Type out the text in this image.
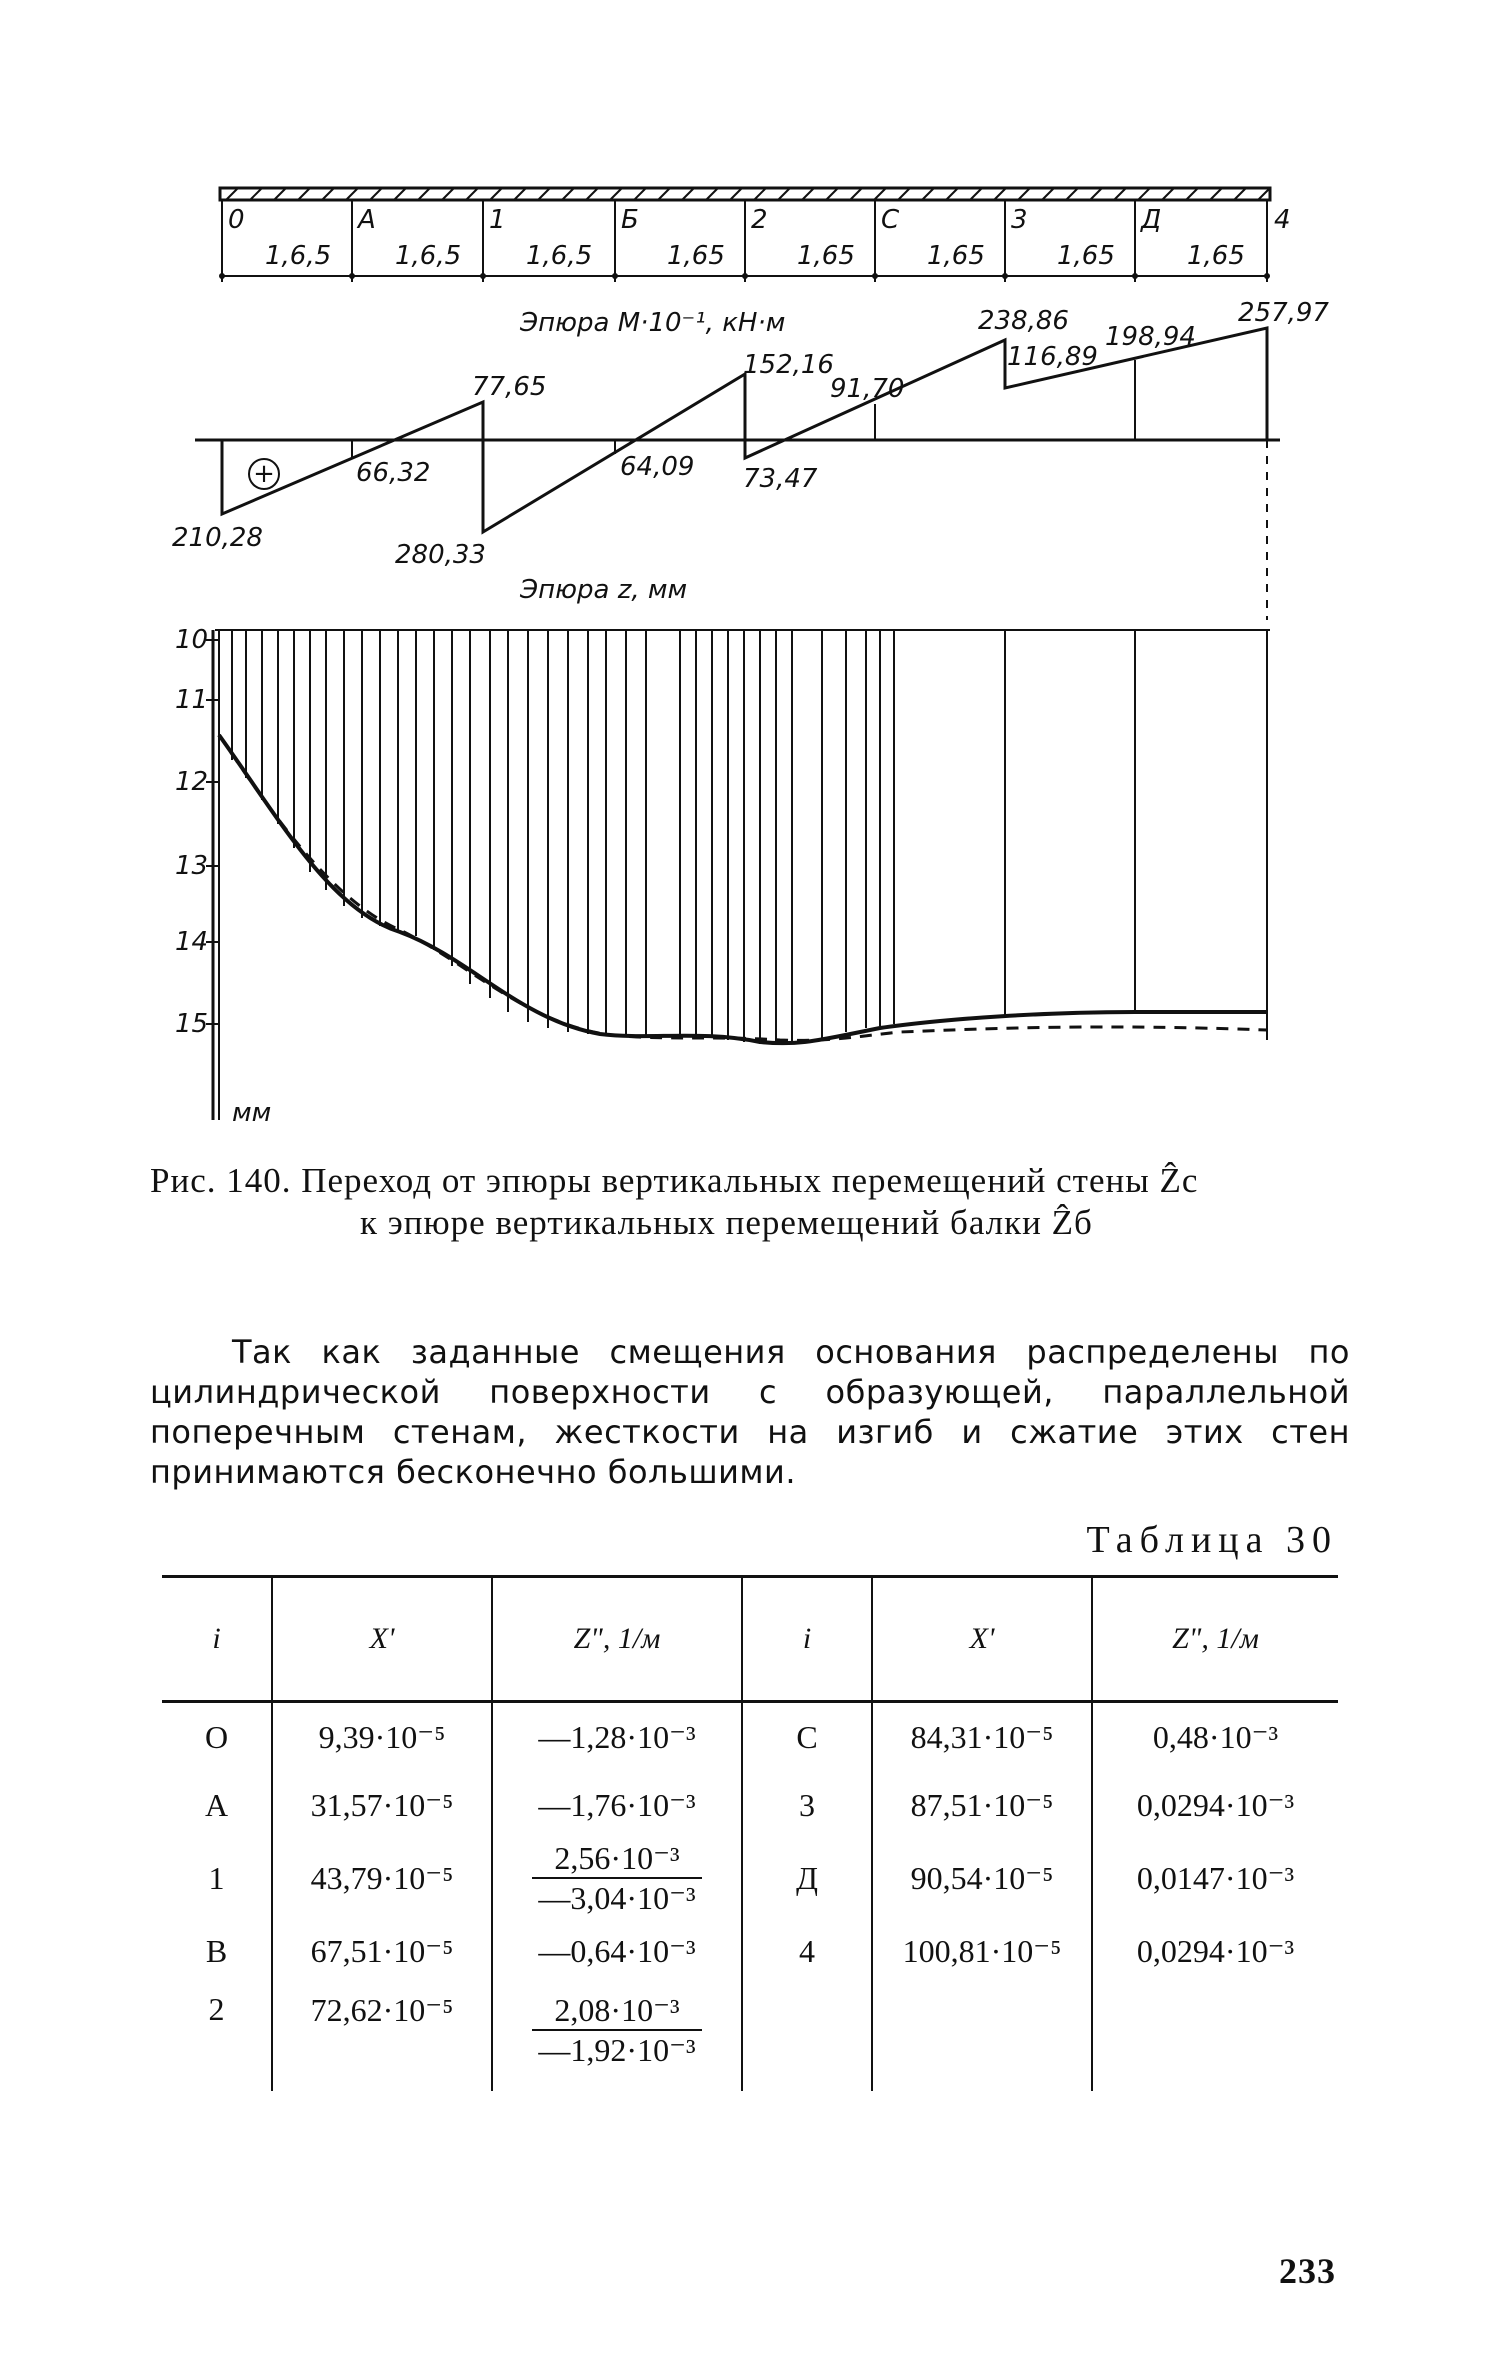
0	А	1	Б	2	С	3	Д	4
1,6,5 1,6,5 1,6,5	1,65	1,65	1,65	1,65	1,65
Эпюра M·10⁻¹, кН·м
210,28
66,32
77,65
280,33
64,09
152,16
91,70
73,47
238,86
116,89
198,94
257,97
+
Эпюра z, мм
10
11
12
13
14
15
мм
Рис. 140. Переход от эпюры вертикальных перемещений стены Ẑc
к эпюре вертикальных перемещений балки Ẑб

Так как заданные смещения основания распределены по цилиндрической поверхности с образующей, параллельной поперечным стенам, жесткости на изгиб и сжатие этих стен принимаются бесконечно большими.

Таблица 30
i	X'	Z", 1/м	i	X'	Z", 1/м
О	9,39·10⁻⁵	—1,28·10⁻³	С	84,31·10⁻⁵	0,48·10⁻³
А	31,57·10⁻⁵	—1,76·10⁻³	3	87,51·10⁻⁵	0,0294·10⁻³
1	43,79·10⁻⁵	$\frac{\text{2,56·10⁻³}}{\text{—3,04·10⁻³}}$	Д	90,54·10⁻⁵	0,0147·10⁻³
В	67,51·10⁻⁵	—0,64·10⁻³	4	100,81·10⁻⁵	0,0294·10⁻³
2	72,62·10⁻⁵	$\frac{\text{2,08·10⁻³}}{\text{—1,92·10⁻³}}$

233
